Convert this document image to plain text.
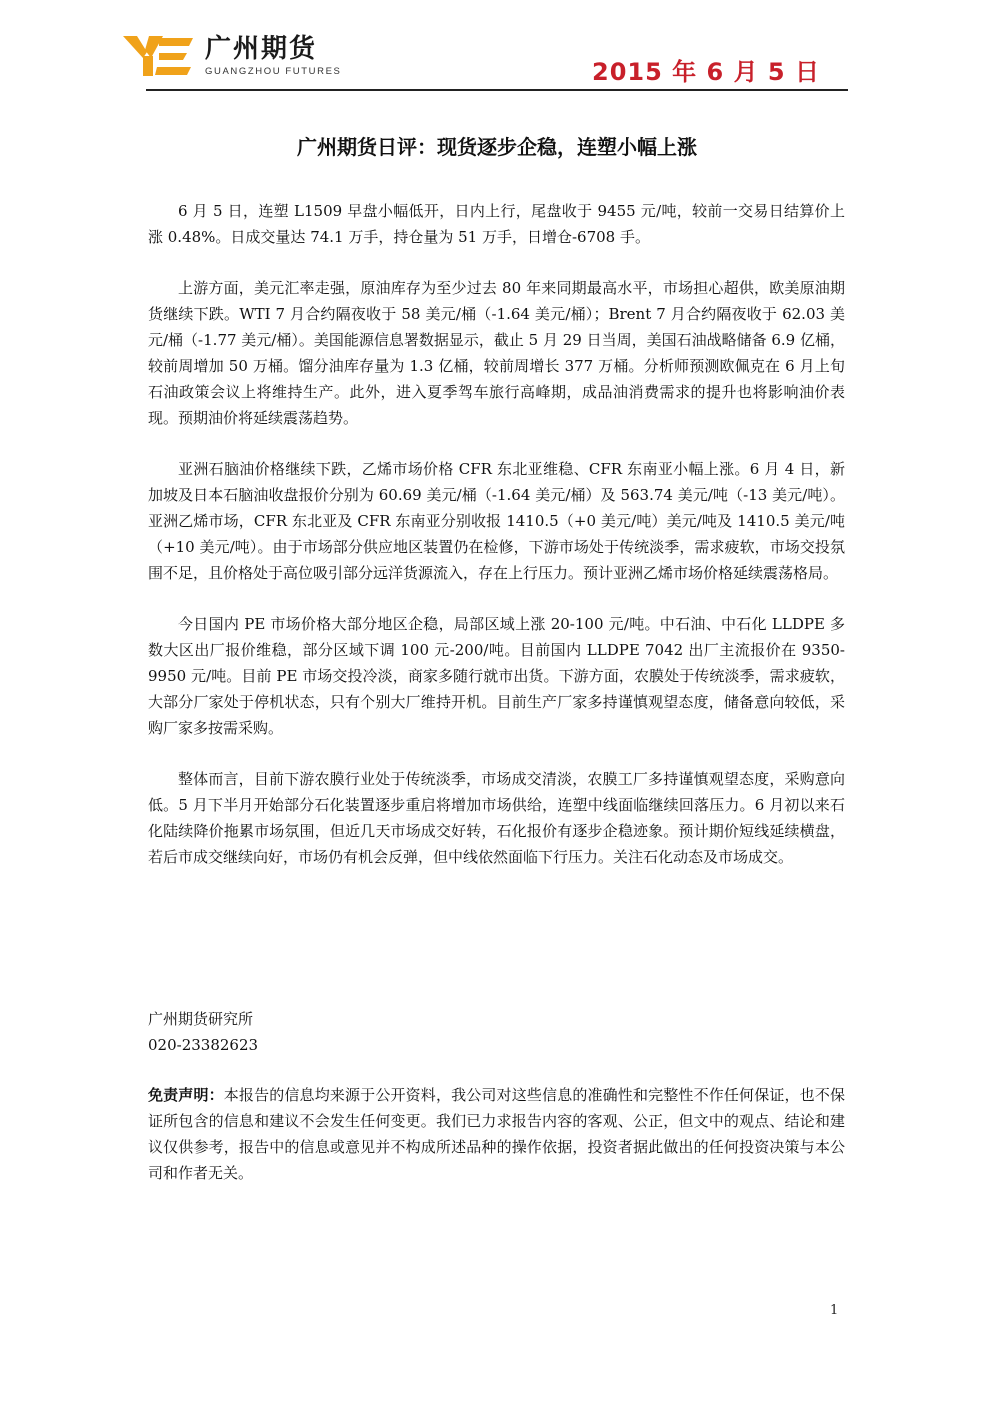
广州期货
GUANGZHOU FUTURES	2015 年 6 月 5 日
广州期货日评：现货逐步企稳，连塑小幅上涨

6 月 5 日，连塑 L1509 早盘小幅低开，日内上行，尾盘收于 9455 元/吨，较前一交易日结算价上涨 0.48%。日成交量达 74.1 万手，持仓量为 51 万手，日增仓-6708 手。

上游方面，美元汇率走强，原油库存为至少过去 80 年来同期最高水平，市场担心超供，欧美原油期货继续下跌。WTI 7 月合约隔夜收于 58 美元/桶（-1.64 美元/桶）；Brent 7 月合约隔夜收于 62.03 美元/桶（-1.77 美元/桶）。美国能源信息署数据显示，截止 5 月 29 日当周，美国石油战略储备 6.9 亿桶，较前周增加 50 万桶。馏分油库存量为 1.3 亿桶，较前周增长 377 万桶。分析师预测欧佩克在 6 月上旬石油政策会议上将维持生产。此外，进入夏季驾车旅行高峰期，成品油消费需求的提升也将影响油价表现。预期油价将延续震荡趋势。

亚洲石脑油价格继续下跌，乙烯市场价格 CFR 东北亚维稳、CFR 东南亚小幅上涨。6 月 4 日，新加坡及日本石脑油收盘报价分别为 60.69 美元/桶（-1.64 美元/桶）及 563.74 美元/吨（-13 美元/吨）。亚洲乙烯市场，CFR 东北亚及 CFR 东南亚分别收报 1410.5（+0 美元/吨）美元/吨及 1410.5 美元/吨（+10 美元/吨）。由于市场部分供应地区装置仍在检修，下游市场处于传统淡季，需求疲软，市场交投氛围不足，且价格处于高位吸引部分远洋货源流入，存在上行压力。预计亚洲乙烯市场价格延续震荡格局。

今日国内 PE 市场价格大部分地区企稳，局部区域上涨 20-100 元/吨。中石油、中石化 LLDPE 多数大区出厂报价维稳，部分区域下调 100 元-200/吨。目前国内 LLDPE 7042 出厂主流报价在 9350-9950 元/吨。目前 PE 市场交投冷淡，商家多随行就市出货。下游方面，农膜处于传统淡季，需求疲软，大部分厂家处于停机状态，只有个别大厂维持开机。目前生产厂家多持谨慎观望态度，储备意向较低，采购厂家多按需采购。

整体而言，目前下游农膜行业处于传统淡季，市场成交清淡，农膜工厂多持谨慎观望态度，采购意向低。5 月下半月开始部分石化装置逐步重启将增加市场供给，连塑中线面临继续回落压力。6 月初以来石化陆续降价拖累市场氛围，但近几天市场成交好转，石化报价有逐步企稳迹象。预计期价短线延续横盘，若后市成交继续向好，市场仍有机会反弹，但中线依然面临下行压力。关注石化动态及市场成交。

广州期货研究所
020-23382623
免责声明：本报告的信息均来源于公开资料，我公司对这些信息的准确性和完整性不作任何保证，也不保证所包含的信息和建议不会发生任何变更。我们已力求报告内容的客观、公正，但文中的观点、结论和建议仅供参考，报告中的信息或意见并不构成所述品种的操作依据，投资者据此做出的任何投资决策与本公司和作者无关。
1
